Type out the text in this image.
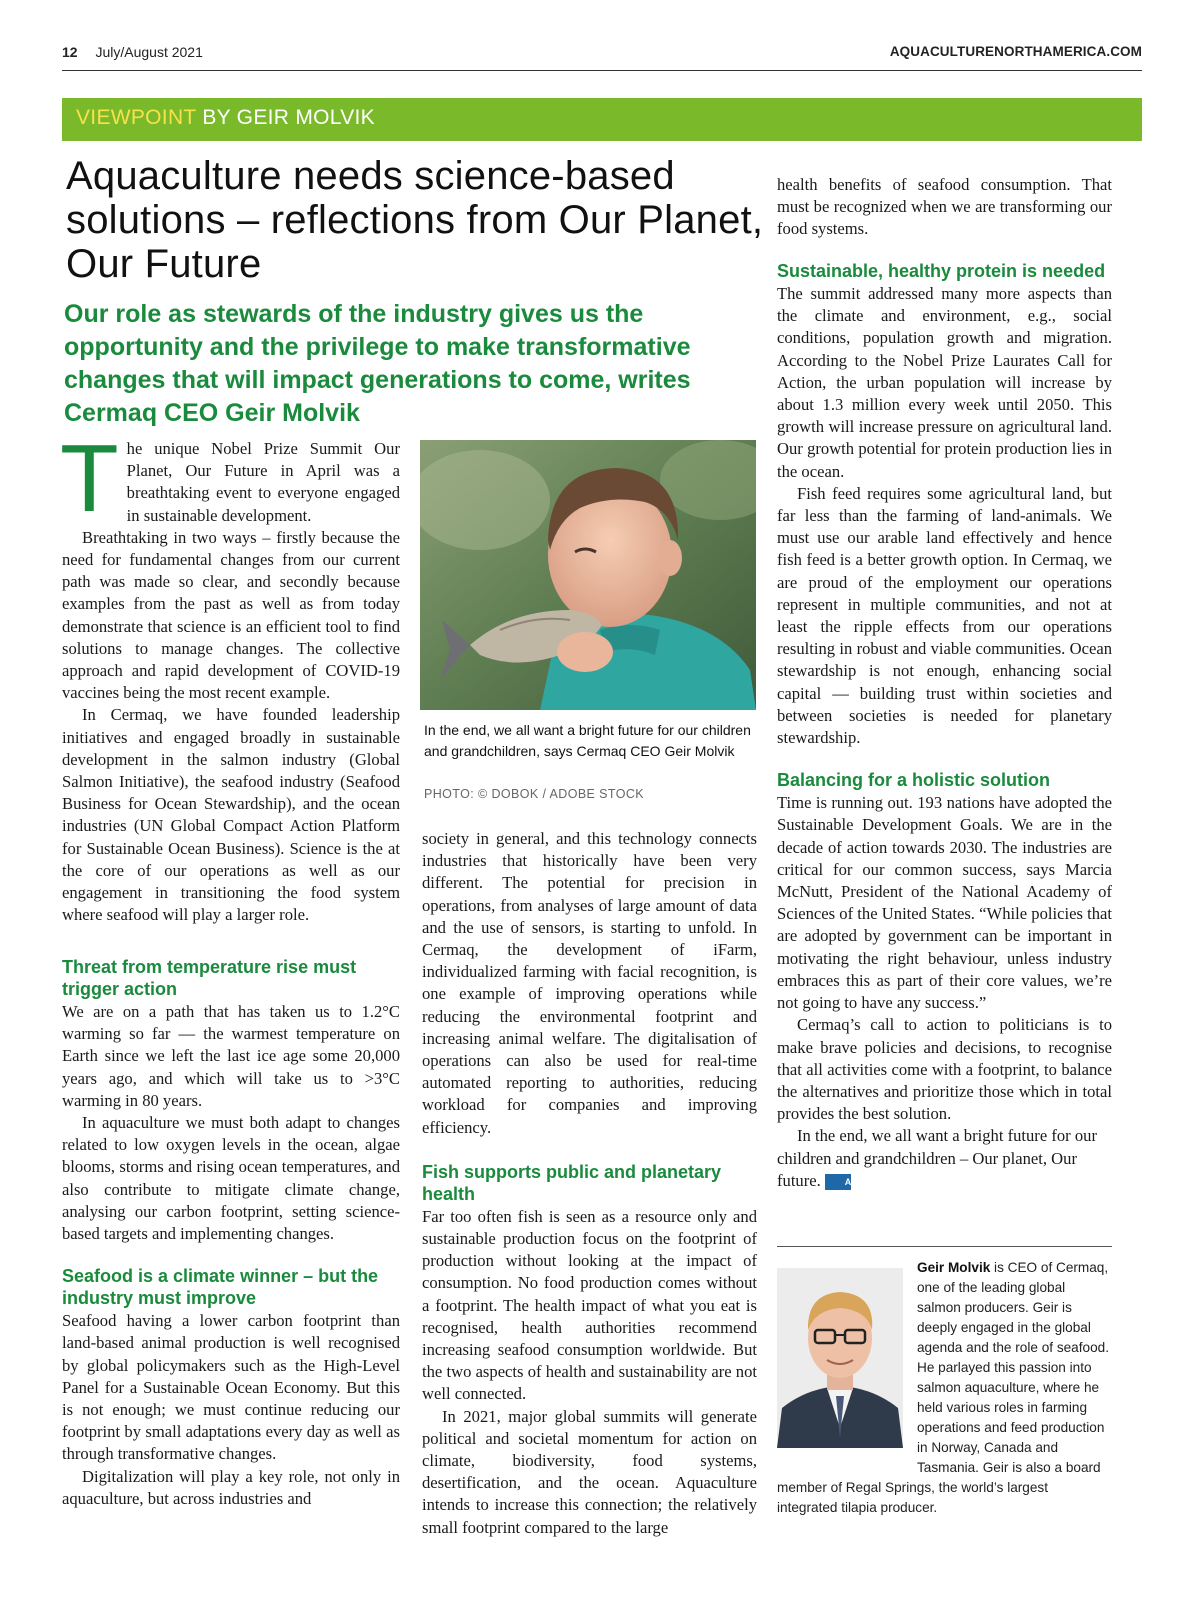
12 July/August 2021	AQUACULTURENORTHAMERICA.COM
VIEWPOINT BY GEIR MOLVIK
Aquaculture needs science-based solutions – reflections from Our Planet, Our Future
Our role as stewards of the industry gives us the opportunity and the privilege to make transformative changes that will impact generations to come, writes Cermaq CEO Geir Molvik
T he unique Nobel Prize Summit Our Planet, Our Future in April was a breathtaking event to everyone engaged in sustainable development.

Breathtaking in two ways – firstly because the need for fundamental changes from our current path was made so clear, and secondly because examples from the past as well as from today demonstrate that science is an efficient tool to find solutions to manage changes. The collective approach and rapid development of COVID-19 vaccines being the most recent example.

In Cermaq, we have founded leadership initiatives and engaged broadly in sustainable development in the salmon industry (Global Salmon Initiative), the seafood industry (Seafood Business for Ocean Stewardship), and the ocean industries (UN Global Compact Action Platform for Sustainable Ocean Business). Science is the at the core of our operations as well as our engagement in transitioning the food system where seafood will play a larger role.

Threat from temperature rise must trigger action

We are on a path that has taken us to 1.2°C warming so far — the warmest temperature on Earth since we left the last ice age some 20,000 years ago, and which will take us to >3°C warming in 80 years.

In aquaculture we must both adapt to changes related to low oxygen levels in the ocean, algae blooms, storms and rising ocean temperatures, and also contribute to mitigate climate change, analysing our carbon footprint, setting science-based targets and implementing changes.

Seafood is a climate winner – but the industry must improve

Seafood having a lower carbon footprint than land-based animal production is well recognised by global policymakers such as the High-Level Panel for a Sustainable Ocean Economy. But this is not enough; we must continue reducing our footprint by small adaptations every day as well as through transformative changes.

Digitalization will play a key role, not only in aquaculture, but across industries and

In the end, we all want a bright future for our children and grandchildren, says Cermaq CEO Geir Molvik
PHOTO: © DOBOK / ADOBE STOCK

society in general, and this technology connects industries that historically have been very different. The potential for precision in operations, from analyses of large amount of data and the use of sensors, is starting to unfold. In Cermaq, the development of iFarm, individualized farming with facial recognition, is one example of improving operations while reducing the environmental footprint and increasing animal welfare. The digitalisation of operations can also be used for real-time automated reporting to authorities, reducing workload for companies and improving efficiency.

Fish supports public and planetary health

Far too often fish is seen as a resource only and sustainable production focus on the footprint of production without looking at the impact of consumption. No food production comes without a footprint. The health impact of what you eat is recognised, health authorities recommend increasing seafood consumption worldwide. But the two aspects of health and sustainability are not well connected.

In 2021, major global summits will generate political and societal momentum for action on climate, biodiversity, food systems, desertification, and the ocean. Aquaculture intends to increase this connection; the relatively small footprint compared to the large

health benefits of seafood consumption. That must be recognized when we are transforming our food systems.

Sustainable, healthy protein is needed

The summit addressed many more aspects than the climate and environment, e.g., social conditions, population growth and migration. According to the Nobel Prize Laurates Call for Action, the urban population will increase by about 1.3 million every week until 2050. This growth will increase pressure on agricultural land. Our growth potential for protein production lies in the ocean.

Fish feed requires some agricultural land, but far less than the farming of land-animals. We must use our arable land effectively and hence fish feed is a better growth option. In Cermaq, we are proud of the employment our operations represent in multiple communities, and not at least the ripple effects from our operations resulting in robust and viable communities. Ocean stewardship is not enough, enhancing social capital — building trust within societies and between societies is needed for planetary stewardship.

Balancing for a holistic solution

Time is running out. 193 nations have adopted the Sustainable Development Goals. We are in the decade of action towards 2030. The industries are critical for our common success, says Marcia McNutt, President of the National Academy of Sciences of the United States. “While policies that are adopted by government can be important in motivating the right behaviour, unless industry embraces this as part of their core values, we’re not going to have any success.”

Cermaq’s call to action to politicians is to make brave policies and decisions, to recognise that all activities come with a footprint, to balance the alternatives and prioritize those which in total provides the best solution.

In the end, we all want a bright future for our children and grandchildren – Our planet, Our future.	ANA

Geir Molvik is CEO of Cermaq, one of the leading global salmon producers. Geir is deeply engaged in the global agenda and the role of seafood. He parlayed this passion into salmon aquaculture, where he held various roles in farming operations and feed production in Norway, Canada and Tasmania. Geir is also a board member of Regal Springs, the world’s largest integrated tilapia producer.
